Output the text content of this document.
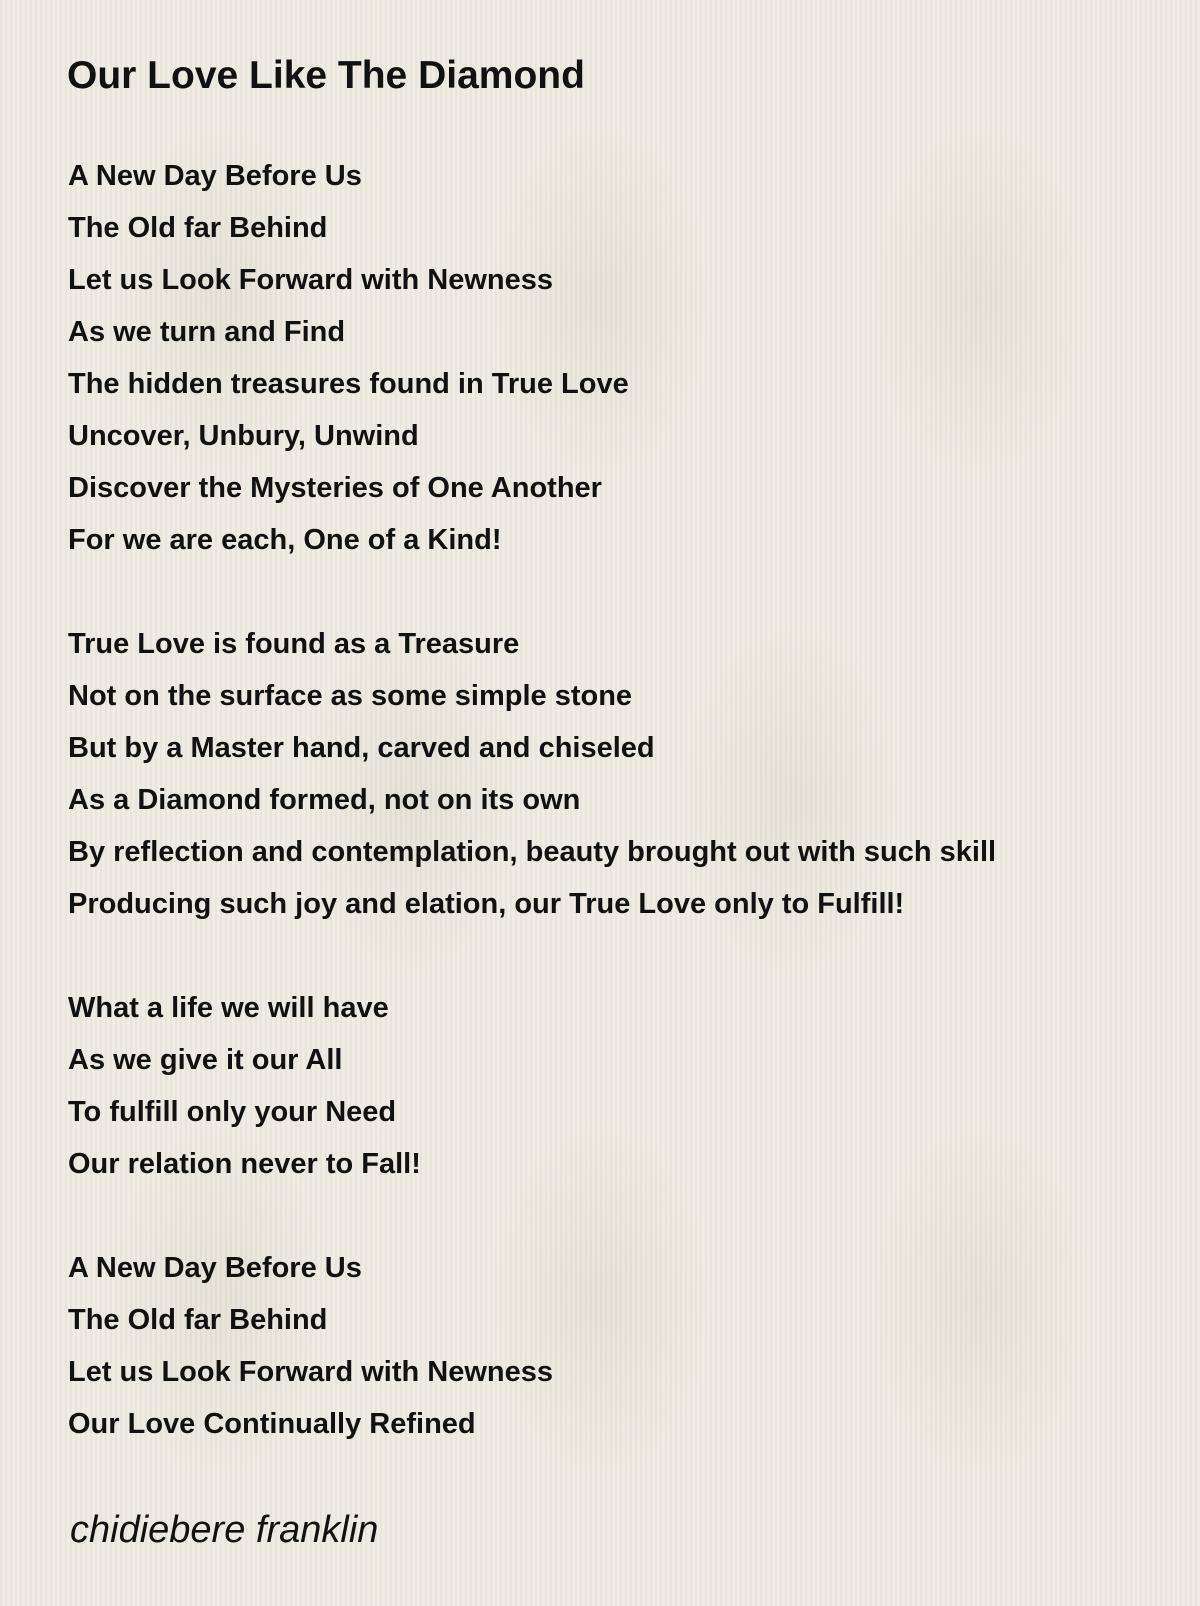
Our Love Like The Diamond
A New Day Before Us
The Old far Behind
Let us Look Forward with Newness
As we turn and Find
The hidden treasures found in True Love
Uncover, Unbury, Unwind
Discover the Mysteries of One Another
For we are each, One of a Kind!
True Love is found as a Treasure
Not on the surface as some simple stone
But by a Master hand, carved and chiseled
As a Diamond formed, not on its own
By reflection and contemplation, beauty brought out with such skill
Producing such joy and elation, our True Love only to Fulfill!
What a life we will have
As we give it our All
To fulfill only your Need
Our relation never to Fall!
A New Day Before Us
The Old far Behind
Let us Look Forward with Newness
Our Love Continually Refined
chidiebere franklin
